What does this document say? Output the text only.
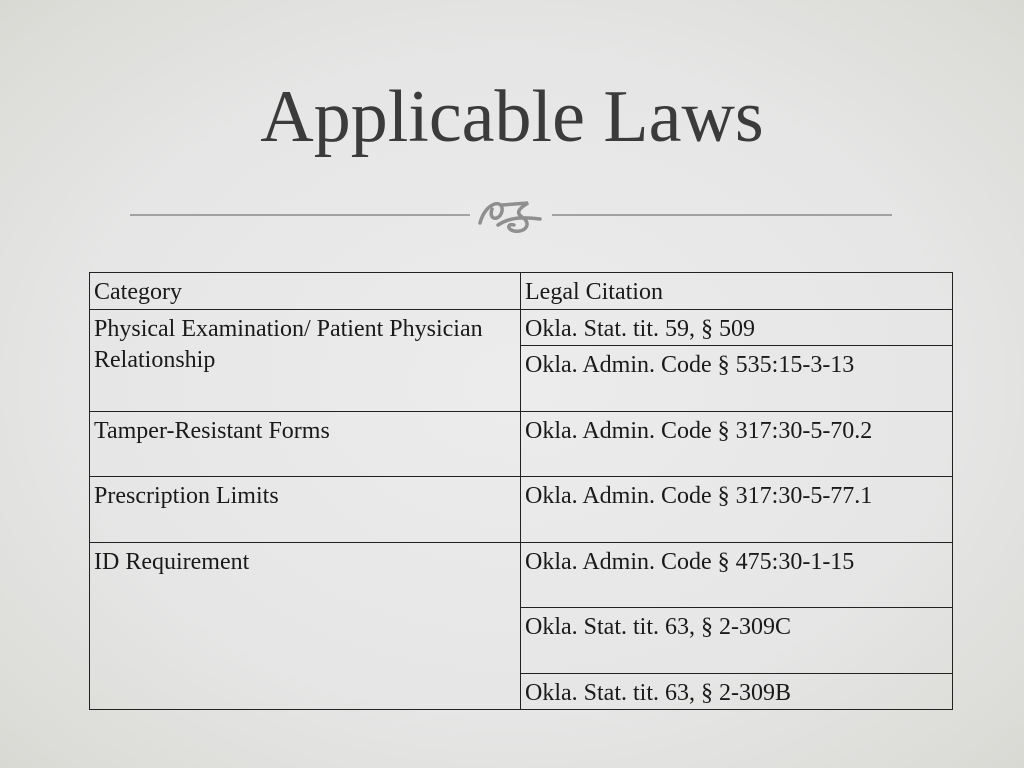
Applicable Laws
Category	Legal Citation
Physical Examination/ Patient Physician Relationship	Okla. Stat. tit. 59, § 509
	Okla. Admin. Code § 535:15-3-13
Tamper-Resistant Forms	Okla. Admin. Code § 317:30-5-70.2
Prescription Limits	Okla. Admin. Code § 317:30-5-77.1
ID Requirement	Okla. Admin. Code § 475:30-1-15
	Okla. Stat. tit. 63, § 2-309C
	Okla. Stat. tit. 63, § 2-309B
